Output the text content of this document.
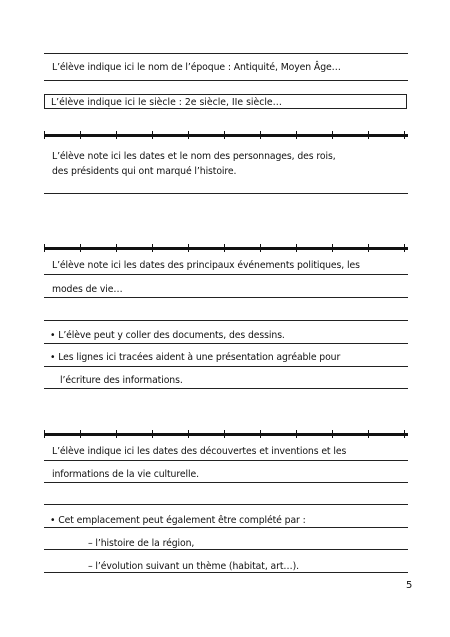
L’élève indique ici le nom de l’époque : Antiquité, Moyen Âge…
L’élève indique ici le siècle : 2e siècle, IIe siècle…
L’élève note ici les dates et le nom des personnages, des rois,
des présidents qui ont marqué l’histoire.
L’élève note ici les dates des principaux événements politiques, les
modes de vie…
• L’élève peut y coller des documents, des dessins.
• Les lignes ici tracées aident à une présentation agréable pour
l’écriture des informations.
L’élève indique ici les dates des découvertes et inventions et les
informations de la vie culturelle.
• Cet emplacement peut également être complété par :
– l’histoire de la région,
– l’évolution suivant un thème (habitat, art…).
5
